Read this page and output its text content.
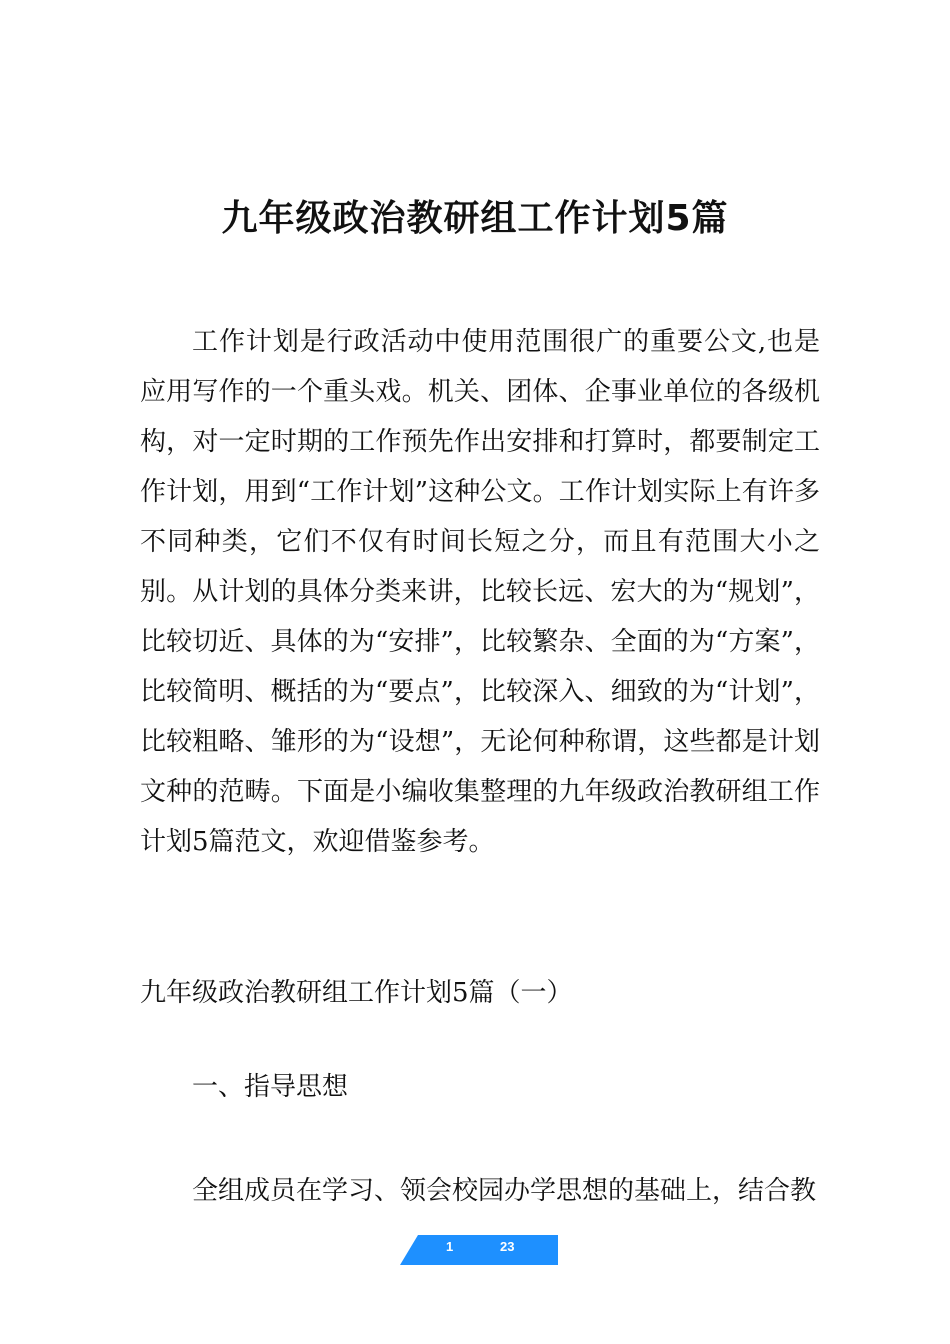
九年级政治教研组工作计划5篇

工作计划是行政活动中使用范围很广的重要公文,也是应用写作的一个重头戏。机关、团体、企事业单位的各级机构，对一定时期的工作预先作出安排和打算时，都要制定工作计划，用到“工作计划”这种公文。工作计划实际上有许多不同种类，它们不仅有时间长短之分，而且有范围大小之别。从计划的具体分类来讲，比较长远、宏大的为“规划”，比较切近、具体的为“安排”，比较繁杂、全面的为“方案”，比较简明、概括的为“要点”，比较深入、细致的为“计划”，比较粗略、雏形的为“设想”，无论何种称谓，这些都是计划文种的范畴。下面是小编收集整理的九年级政治教研组工作计划5篇范文，欢迎借鉴参考。

九年级政治教研组工作计划5篇（一）

一、指导思想

全组成员在学习、领会校园办学思想的基础上，结合教

1	23
